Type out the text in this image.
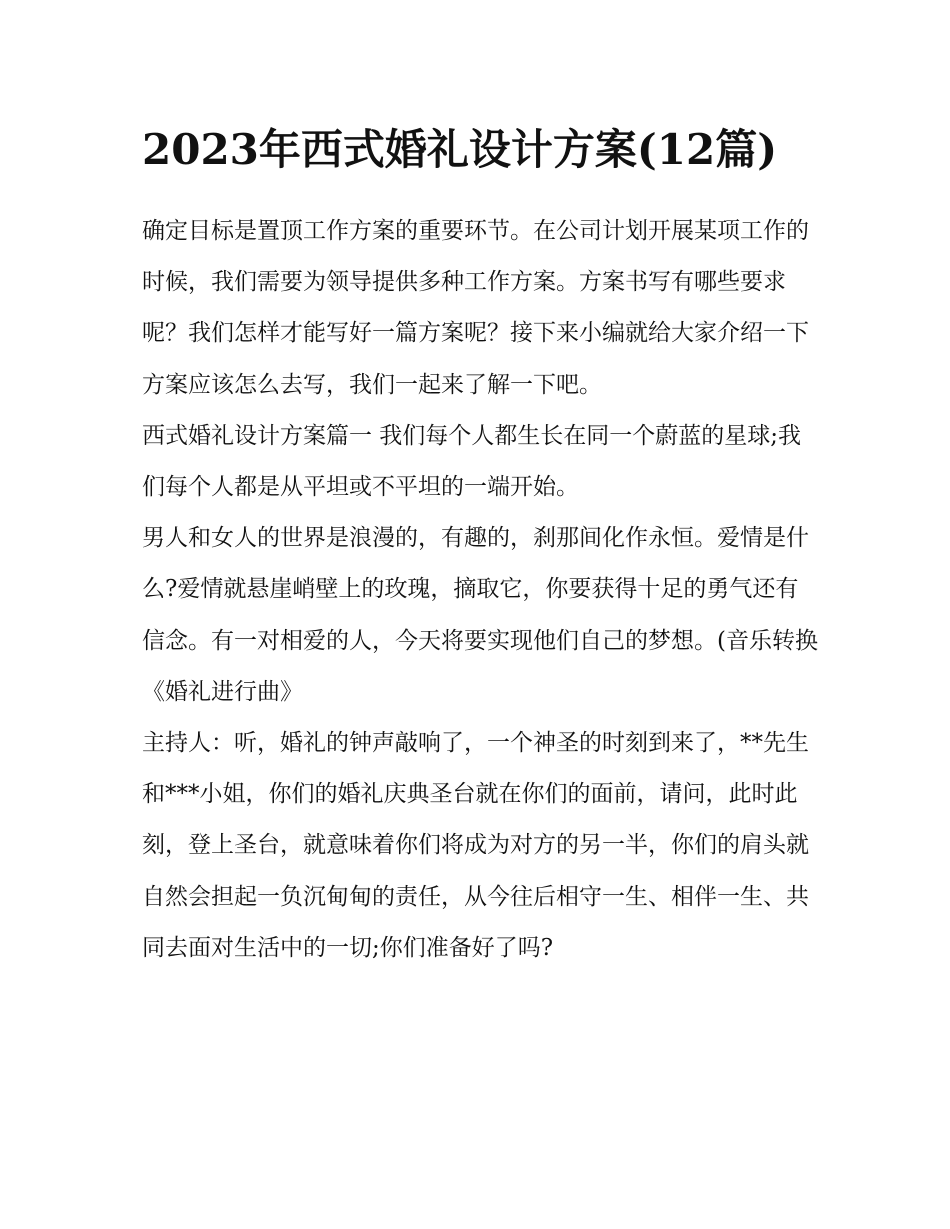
2023年西式婚礼设计方案(12篇)

确定目标是置顶工作方案的重要环节。在公司计划开展某项工作的时候，我们需要为领导提供多种工作方案。方案书写有哪些要求呢？我们怎样才能写好一篇方案呢？接下来小编就给大家介绍一下方案应该怎么去写，我们一起来了解一下吧。

西式婚礼设计方案篇一 我们每个人都生长在同一个蔚蓝的星球;我们每个人都是从平坦或不平坦的一端开始。

男人和女人的世界是浪漫的，有趣的，刹那间化作永恒。爱情是什么?爱情就悬崖峭壁上的玫瑰，摘取它，你要获得十足的勇气还有信念。有一对相爱的人，今天将要实现他们自己的梦想。(音乐转换《婚礼进行曲》

主持人：听，婚礼的钟声敲响了，一个神圣的时刻到来了，**先生和***小姐，你们的婚礼庆典圣台就在你们的面前，请问，此时此刻，登上圣台，就意味着你们将成为对方的另一半，你们的肩头就自然会担起一负沉甸甸的责任，从今往后相守一生、相伴一生、共同去面对生活中的一切;你们准备好了吗?
